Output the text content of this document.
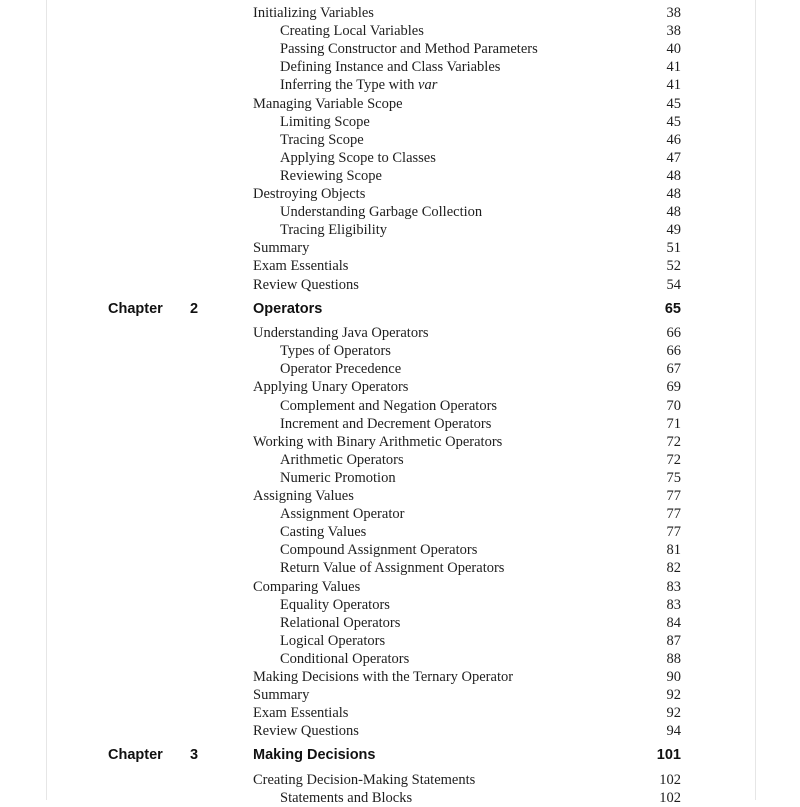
Initializing Variables	38
Creating Local Variables	38
Passing Constructor and Method Parameters	40
Defining Instance and Class Variables	41
Inferring the Type with var	41
Managing Variable Scope	45
Limiting Scope	45
Tracing Scope	46
Applying Scope to Classes	47
Reviewing Scope	48
Destroying Objects	48
Understanding Garbage Collection	48
Tracing Eligibility	49
Summary	51
Exam Essentials	52
Review Questions	54
Chapter 2	Operators	65
Understanding Java Operators	66
Types of Operators	66
Operator Precedence	67
Applying Unary Operators	69
Complement and Negation Operators	70
Increment and Decrement Operators	71
Working with Binary Arithmetic Operators	72
Arithmetic Operators	72
Numeric Promotion	75
Assigning Values	77
Assignment Operator	77
Casting Values	77
Compound Assignment Operators	81
Return Value of Assignment Operators	82
Comparing Values	83
Equality Operators	83
Relational Operators	84
Logical Operators	87
Conditional Operators	88
Making Decisions with the Ternary Operator	90
Summary	92
Exam Essentials	92
Review Questions	94
Chapter 3	Making Decisions	101
Creating Decision-Making Statements	102
Statements and Blocks	102
